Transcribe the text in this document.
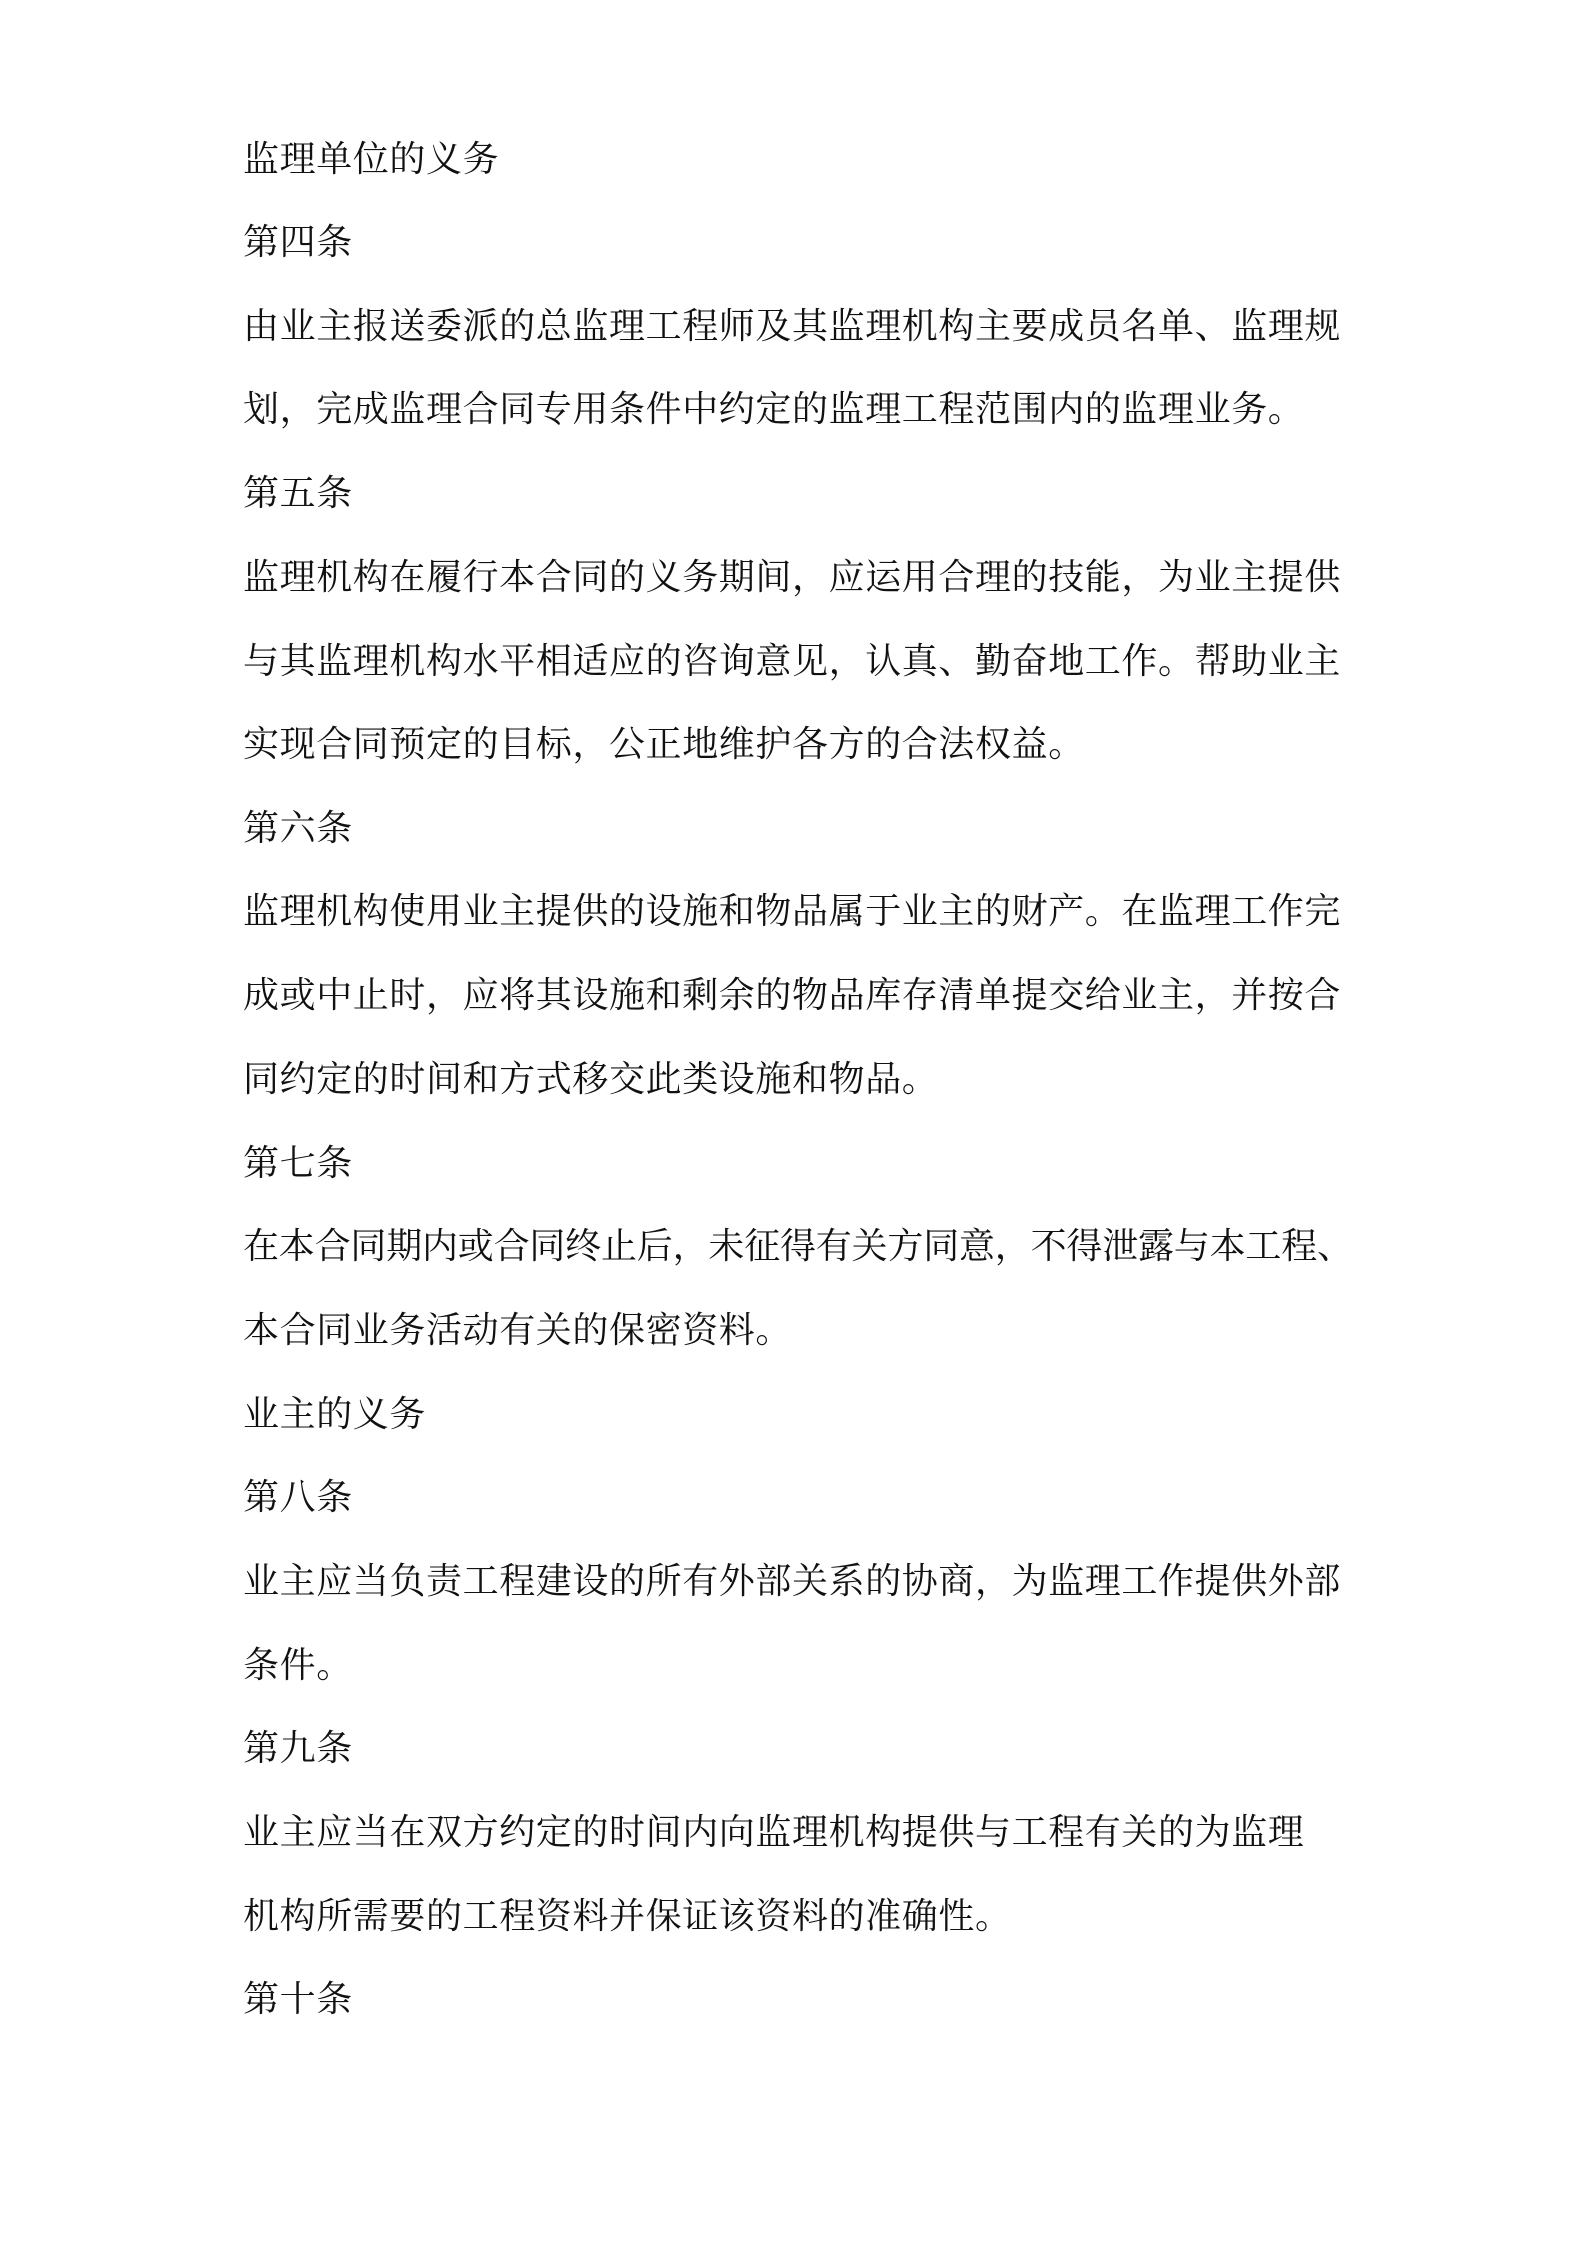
监理单位的义务
第四条
由业主报送委派的总监理工程师及其监理机构主要成员名单、监理规
划，完成监理合同专用条件中约定的监理工程范围内的监理业务。
第五条
监理机构在履行本合同的义务期间，应运用合理的技能，为业主提供
与其监理机构水平相适应的咨询意见，认真、勤奋地工作。帮助业主
实现合同预定的目标，公正地维护各方的合法权益。
第六条
监理机构使用业主提供的设施和物品属于业主的财产。在监理工作完
成或中止时，应将其设施和剩余的物品库存清单提交给业主，并按合
同约定的时间和方式移交此类设施和物品。
第七条
在本合同期内或合同终止后，未征得有关方同意，不得泄露与本工程、
本合同业务活动有关的保密资料。
业主的义务
第八条
业主应当负责工程建设的所有外部关系的协商，为监理工作提供外部
条件。
第九条
业主应当在双方约定的时间内向监理机构提供与工程有关的为监理
机构所需要的工程资料并保证该资料的准确性。
第十条
